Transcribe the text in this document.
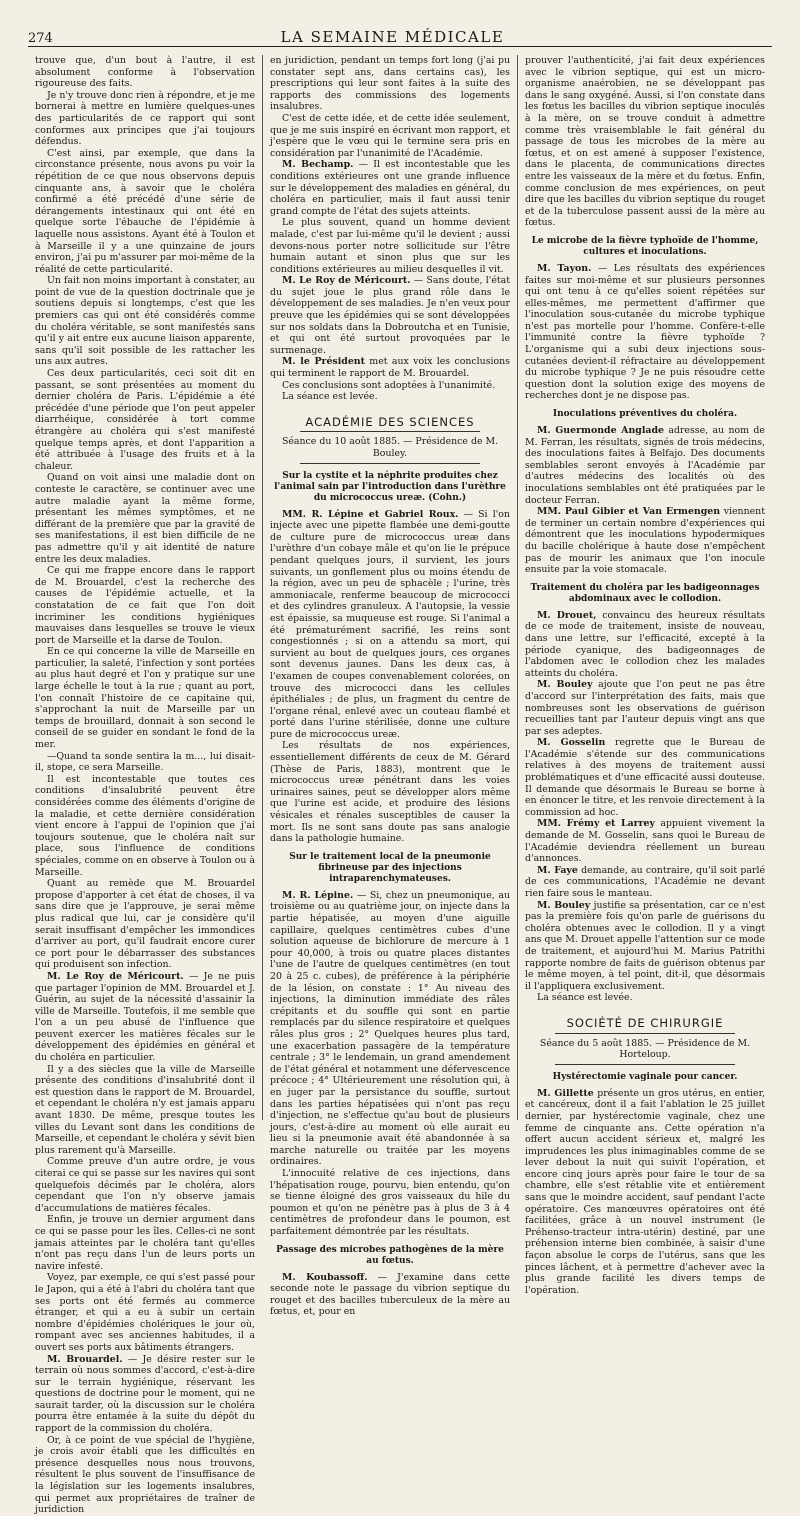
274	LA SEMAINE MÉDICALE

trouve que, d'un bout à l'autre, il est absolument conforme à l'observation rigoureuse des faits.

Je n'y trouve donc rien à répondre, et je me bornerai à mettre en lumière quelques-unes des particularités de ce rapport qui sont conformes aux principes que j'ai toujours défendus.

C'est ainsi, par exemple, que dans la circonstance présente, nous avons pu voir la répétition de ce que nous observons depuis cinquante ans, à savoir que le choléra confirmé a été précédé d'une série de dérangements intestinaux qui ont été en quelque sorte l'ébauche de l'épidémie à laquelle nous assistons. Ayant été à Toulon et à Marseille il y a une quinzaine de jours environ, j'ai pu m'assurer par moi-même de la réalité de cette particularité.

Un fait non moins important à constater, au point de vue de la question doctrinale que je soutiens depuis si longtemps, c'est que les premiers cas qui ont été considérés comme du choléra véritable, se sont manifestés sans qu'il y ait entre eux aucune liaison apparente, sans qu'il soit possible de les rattacher les uns aux autres.

Ces deux particularités, ceci soit dit en passant, se sont présentées au moment du dernier choléra de Paris. L'épidémie a été précédée d'une période que l'on peut appeler diarrhéique, considérée à tort comme étrangère au choléra qui s'est manifesté quelque temps après, et dont l'apparition a été attribuée à l'usage des fruits et à la chaleur.

Quand on voit ainsi une maladie dont on conteste le caractère, se continuer avec une autre maladie ayant la même forme, présentant les mêmes symptômes, et ne différant de la première que par la gravité de ses manifestations, il est bien difficile de ne pas admettre qu'il y ait identité de nature entre les deux maladies.

Ce qui me frappe encore dans le rapport de M. Brouardel, c'est la recherche des causes de l'épidémie actuelle, et la constatation de ce fait que l'on doit incriminer les conditions hygiéniques mauvaises dans lesquelles se trouve le vieux port de Marseille et la darse de Toulon.

En ce qui concerne la ville de Marseille en particulier, la saleté, l'infection y sont portées au plus haut degré et l'on y pratique sur une large échelle le tout à la rue ; quant au port, l'on connaît l'histoire de ce capitaine qui, s'approchant la nuit de Marseille par un temps de brouillard, donnait à son second le conseil de se guider en sondant le fond de la mer.

—Quand ta sonde sentira la m..., lui disait-il, stope, ce sera Marseille.

Il est incontestable que toutes ces conditions d'insalubrité peuvent être considérées comme des éléments d'origine de la maladie, et cette dernière considération vient encore à l'appui de l'opinion que j'ai toujours soutenue, que le choléra naît sur place, sous l'influence de conditions spéciales, comme on en observe à Toulon ou à Marseille.

Quant au remède que M. Brouardel propose d'apporter à cet état de choses, il va sans dire que je l'approuve, je serai même plus radical que lui, car je considère qu'il serait insuffisant d'empêcher les immondices d'arriver au port, qu'il faudrait encore curer ce port pour le débarrasser des substances qui produisent son infection.

M. Le Roy de Méricourt. — Je ne puis que partager l'opinion de MM. Brouardel et J. Guérin, au sujet de la nécessité d'assainir la ville de Marseille. Toutefois, il me semble que l'on a un peu abusé de l'influence que peuvent exercer les matières fécales sur le développement des épidémies en général et du choléra en particulier.

Il y a des siècles que la ville de Marseille présente des conditions d'insalubrité dont il est question dans le rapport de M. Brouardel, et cependant le choléra n'y est jamais apparu avant 1830. De même, presque toutes les villes du Levant sont dans les conditions de Marseille, et cependant le choléra y sévit bien plus rarement qu'à Marseille.

Comme preuve d'un autre ordre, je vous citerai ce qui se passe sur les navires qui sont quelquefois décimés par le choléra, alors cependant que l'on n'y observe jamais d'accumulations de matières fécales.

Enfin, je trouve un dernier argument dans ce qui se passe pour les îles. Celles-ci ne sont jamais atteintes par le choléra tant qu'elles n'ont pas reçu dans l'un de leurs ports un navire infesté.

Voyez, par exemple, ce qui s'est passé pour le Japon, qui a été à l'abri du choléra tant que ses ports ont été fermés au commerce étranger, et qui a eu à subir un certain nombre d'épidémies cholériques le jour où, rompant avec ses anciennes habitudes, il a ouvert ses ports aux bâtiments étrangers.

M. Brouardel. — Je désire rester sur le terrain où nous sommes d'accord, c'est-à-dire sur le terrain hygiénique, réservant les questions de doctrine pour le moment, qui ne saurait tarder, où la discussion sur le choléra pourra être entamée à la suite du dépôt du rapport de la commission du choléra.

Or, à ce point de vue spécial de l'hygiène, je crois avoir établi que les difficultés en présence desquelles nous nous trouvons, résultent le plus souvent de l'insuffisance de la législation sur les logements insalubres, qui permet aux propriétaires de traîner de juridiction

en juridiction, pendant un temps fort long (j'ai pu constater sept ans, dans certains cas), les prescriptions qui leur sont faites à la suite des rapports des commissions des logements insalubres.

C'est de cette idée, et de cette idée seulement, que je me suis inspiré en écrivant mon rapport, et j'espère que le vœu qui le termine sera pris en considération par l'unanimité de l'Académie.

M. Bechamp. — Il est incontestable que les conditions extérieures ont une grande influence sur le développement des maladies en général, du choléra en particulier, mais il faut aussi tenir grand compte de l'état des sujets atteints.

Le plus souvent, quand un homme devient malade, c'est par lui-même qu'il le devient ; aussi devons-nous porter notre sollicitude sur l'être humain autant et sinon plus que sur les conditions extérieures au milieu desquelles il vit.

M. Le Roy de Méricourt. — Sans doute, l'état du sujet joue le plus grand rôle dans le développement de ses maladies. Je n'en veux pour preuve que les épidémies qui se sont développées sur nos soldats dans la Dobroutcha et en Tunisie, et qui ont été surtout provoquées par le surmenage.

M. le Président met aux voix les conclusions qui terminent le rapport de M. Brouardel.

Ces conclusions sont adoptées à l'unanimité.

La séance est levée.

ACADÉMIE DES SCIENCES
Séance du 10 août 1885. — Présidence de M. Bouley.
Sur la cystite et la néphrite produites chez l'animal sain par l'introduction dans l'urèthre du micrococcus ureæ. (Cohn.)

MM. R. Lépine et Gabriel Roux. — Si l'on injecte avec une pipette flambée une demi-goutte de culture pure de micrococcus ureæ dans l'urèthre d'un cobaye mâle et qu'on lie le prépuce pendant quelques jours, il survient, les jours suivants, un gonflement plus ou moins étendu de la région, avec un peu de sphacèle ; l'urine, très ammoniacale, renferme beaucoup de micrococci et des cylindres granuleux. A l'autopsie, la vessie est épaissie, sa muqueuse est rouge. Si l'animal a été prématurément sacrifié, les reins sont congestionnés ; si on a attendu sa mort, qui survient au bout de quelques jours, ces organes sont devenus jaunes. Dans les deux cas, à l'examen de coupes convenablement colorées, on trouve des micrococci dans les cellules épithéliales ; de plus, un fragment du centre de l'organe rénal, enlevé avec un couteau flambé et porté dans l'urine stérilisée, donne une culture pure de micrococcus ureæ.

Les résultats de nos expériences, essentiellement différents de ceux de M. Gérard (Thèse de Paris, 1883), montrent que le micrococcus ureæ pénétrant dans les voies urinaires saines, peut se développer alors même que l'urine est acide, et produire des lésions vésicales et rénales susceptibles de causer la mort. Ils ne sont sans doute pas sans analogie dans la pathologie humaine.

Sur le traitement local de la pneumonie fibrineuse par des injections intraparenchymateuses.

M. R. Lépine. — Si, chez un pneumonique, au troisième ou au quatrième jour, on injecte dans la partie hépatisée, au moyen d'une aiguille capillaire, quelques centimètres cubes d'une solution aqueuse de bichlorure de mercure à 1 pour 40,000, à trois ou quatre places distantes l'une de l'autre de quelques centimètres (en tout 20 à 25 c. cubes), de préférence à la périphérie de la lésion, on constate : 1° Au niveau des injections, la diminution immédiate des râles crépitants et du souffle qui sont en partie remplacés par du silence respiratoire et quelques râles plus gros ; 2° Quelques heures plus tard, une exacerbation passagère de la température centrale ; 3° le lendemain, un grand amendement de l'état général et notamment une défervescence précoce ; 4° Ultérieurement une résolution qui, à en juger par la persistance du souffle, surtout dans les parties hépatisées qui n'ont pas reçu d'injection, ne s'effectue qu'au bout de plusieurs jours, c'est-à-dire au moment où elle aurait eu lieu si la pneumonie avait été abandonnée à sa marche naturelle ou traitée par les moyens ordinaires.

L'innocuité relative de ces injections, dans l'hépatisation rouge, pourvu, bien entendu, qu'on se tienne éloigné des gros vaisseaux du hile du poumon et qu'on ne pénètre pas à plus de 3 à 4 centimètres de profondeur dans le poumon, est parfaitement démontrée par les résultats.

Passage des microbes pathogènes de la mère au fœtus.

M. Koubassoff. — J'examine dans cette seconde note le passage du vibrion septique du rouget et des bacilles tuberculeux de la mère au fœtus, et, pour en

prouver l'authenticité, j'ai fait deux expériences avec le vibrion septique, qui est un micro-organisme anaérobien, ne se développant pas dans le sang oxygéné. Aussi, si l'on constate dans les fœtus les bacilles du vibrion septique inoculés à la mère, on se trouve conduit à admettre comme très vraisemblable le fait général du passage de tous les microbes de la mère au fœtus, et on est amené à supposer l'existence, dans le placenta, de communications directes entre les vaisseaux de la mère et du fœtus. Enfin, comme conclusion de mes expériences, on peut dire que les bacilles du vibrion septique du rouget et de la tuberculose passent aussi de la mère au fœtus.

Le microbe de la fièvre typhoïde de l'homme, cultures et inoculations.

M. Tayon. — Les résultats des expériences faites sur moi-même et sur plusieurs personnes qui ont tenu à ce qu'elles soient répétées sur elles-mêmes, me permettent d'affirmer que l'inoculation sous-cutanée du microbe typhique n'est pas mortelle pour l'homme. Confère-t-elle l'immunité contre la fièvre typhoïde ? L'organisme qui a subi deux injections sous-cutanées devient-il réfractaire au développement du microbe typhique ? Je ne puis résoudre cette question dont la solution exige des moyens de recherches dont je ne dispose pas.

Inoculations préventives du choléra.

M. Guermonde Anglade adresse, au nom de M. Ferran, les résultats, signés de trois médecins, des inoculations faites à Belfajo. Des documents semblables seront envoyés à l'Académie par d'autres médecins des localités où des inoculations semblables ont été pratiquées par le docteur Ferran.

MM. Paul Gibier et Van Ermengen viennent de terminer un certain nombre d'expériences qui démontrent que les inoculations hypodermiques du bacille cholérique à haute dose n'empêchent pas de mourir les animaux que l'on inocule ensuite par la voie stomacale.

Traitement du choléra par les badigeonnages abdominaux avec le collodion.

M. Drouet, convaincu des heureux résultats de ce mode de traitement, insiste de nouveau, dans une lettre, sur l'efficacité, excepté à la période cyanique, des badigeonnages de l'abdomen avec le collodion chez les malades atteints du choléra.

M. Bouley ajoute que l'on peut ne pas être d'accord sur l'interprétation des faits, mais que nombreuses sont les observations de guérison recueillies tant par l'auteur depuis vingt ans que par ses adeptes.

M. Gosselin regrette que le Bureau de l'Académie s'étende sur des communications relatives à des moyens de traitement aussi problématiques et d'une efficacité aussi douteuse. Il demande que désormais le Bureau se borne à en énoncer le titre, et les renvoie directement à la commission ad hoc.

MM. Frémy et Larrey appuient vivement la demande de M. Gosselin, sans quoi le Bureau de l'Académie deviendra réellement un bureau d'annonces.

M. Faye demande, au contraire, qu'il soit parlé de ces communications, l'Académie ne devant rien faire sous le manteau.

M. Bouley justifie sa présentation, car ce n'est pas la première fois qu'on parle de guérisons du choléra obtenues avec le collodion. Il y a vingt ans que M. Drouet appelle l'attention sur ce mode de traitement, et aujourd'hui M. Marius Patrithi rapporte nombre de faits de guérison obtenus par le même moyen, à tel point, dit-il, que désormais il l'appliquera exclusivement.

La séance est levée.

SOCIÉTÉ DE CHIRURGIE
Séance du 5 août 1885. — Présidence de M. Horteloup.
Hystérectomie vaginale pour cancer.

M. Gillette présente un gros utérus, en entier, et cancéreux, dont il a fait l'ablation le 25 juillet dernier, par hystérectomie vaginale, chez une femme de cinquante ans. Cette opération n'a offert aucun accident sérieux et, malgré les imprudences les plus inimaginables comme de se lever debout la nuit qui suivit l'opération, et encore cinq jours après pour faire le tour de sa chambre, elle s'est rétablie vite et entièrement sans que le moindre accident, sauf pendant l'acte opératoire. Ces manœuvres opératoires ont été facilitées, grâce à un nouvel instrument (le Préhenso-tracteur intra-utérin) destiné, par une préhension interne bien combinée, à saisir d'une façon absolue le corps de l'utérus, sans que les pinces lâchent, et à permettre d'achever avec la plus grande facilité les divers temps de l'opération.
